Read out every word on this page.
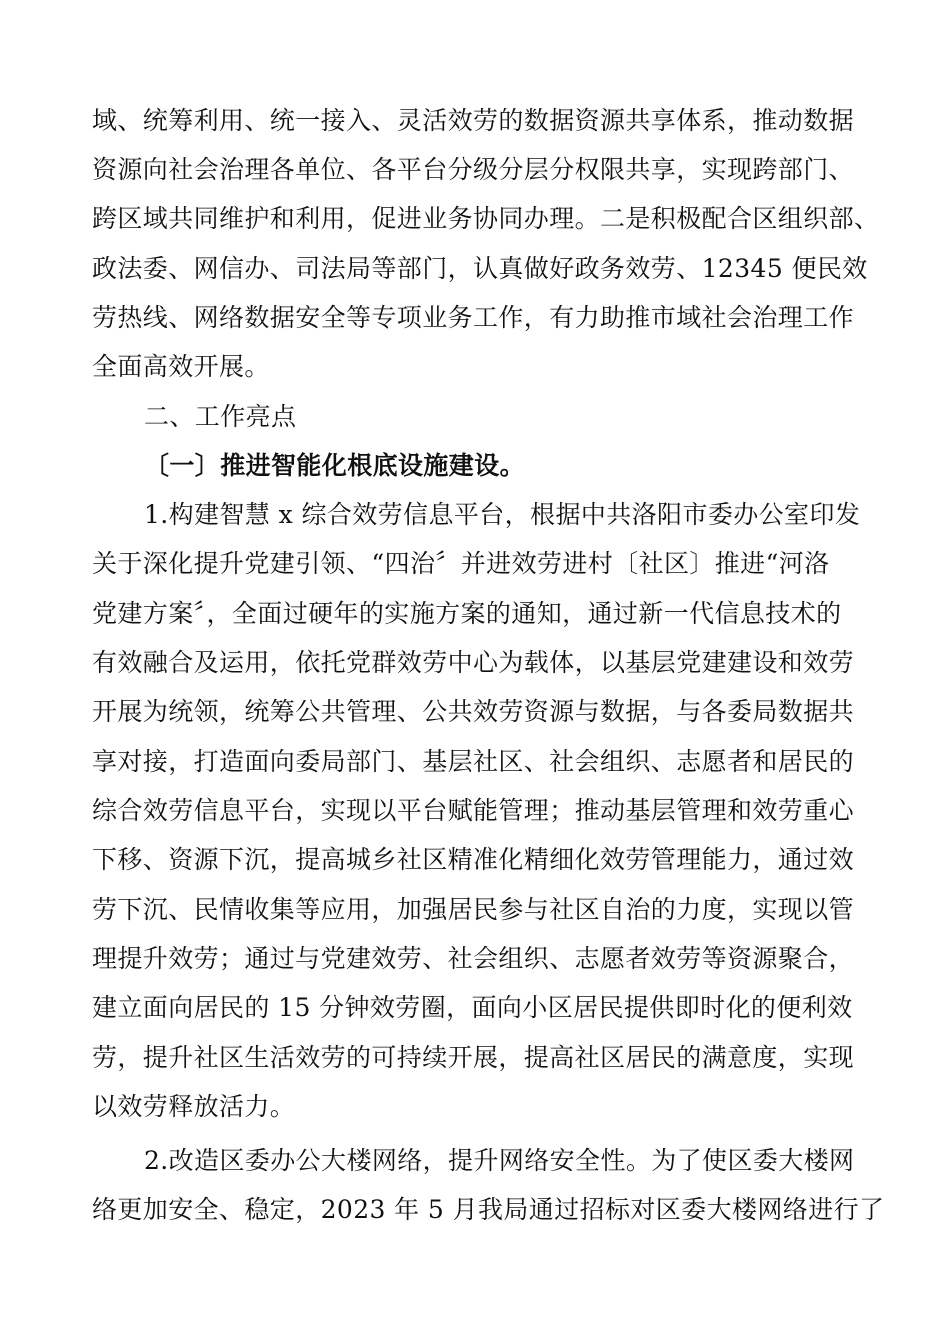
域、统筹利用、统一接入、灵活效劳的数据资源共享体系，推动数据
资源向社会治理各单位、各平台分级分层分权限共享，实现跨部门、
跨区域共同维护和利用，促进业务协同办理。二是积极配合区组织部、
政法委、网信办、司法局等部门，认真做好政务效劳、12345 便民效
劳热线、网络数据安全等专项业务工作，有力助推市域社会治理工作
全面高效开展。
二、工作亮点
〔一〕推进智能化根底设施建设。
1.构建智慧 x 综合效劳信息平台，根据中共洛阳市委办公室印发
关于深化提升党建引领、“四治〞并进效劳进村〔社区〕推进“河洛
党建方案〞，全面过硬年的实施方案的通知，通过新一代信息技术的
有效融合及运用，依托党群效劳中心为载体，以基层党建建设和效劳
开展为统领，统筹公共管理、公共效劳资源与数据，与各委局数据共
享对接，打造面向委局部门、基层社区、社会组织、志愿者和居民的
综合效劳信息平台，实现以平台赋能管理；推动基层管理和效劳重心
下移、资源下沉，提高城乡社区精准化精细化效劳管理能力，通过效
劳下沉、民情收集等应用，加强居民参与社区自治的力度，实现以管
理提升效劳；通过与党建效劳、社会组织、志愿者效劳等资源聚合，
建立面向居民的 15 分钟效劳圈，面向小区居民提供即时化的便利效
劳，提升社区生活效劳的可持续开展，提高社区居民的满意度，实现
以效劳释放活力。
2.改造区委办公大楼网络，提升网络安全性。为了使区委大楼网
络更加安全、稳定，2023 年 5 月我局通过招标对区委大楼网络进行了
